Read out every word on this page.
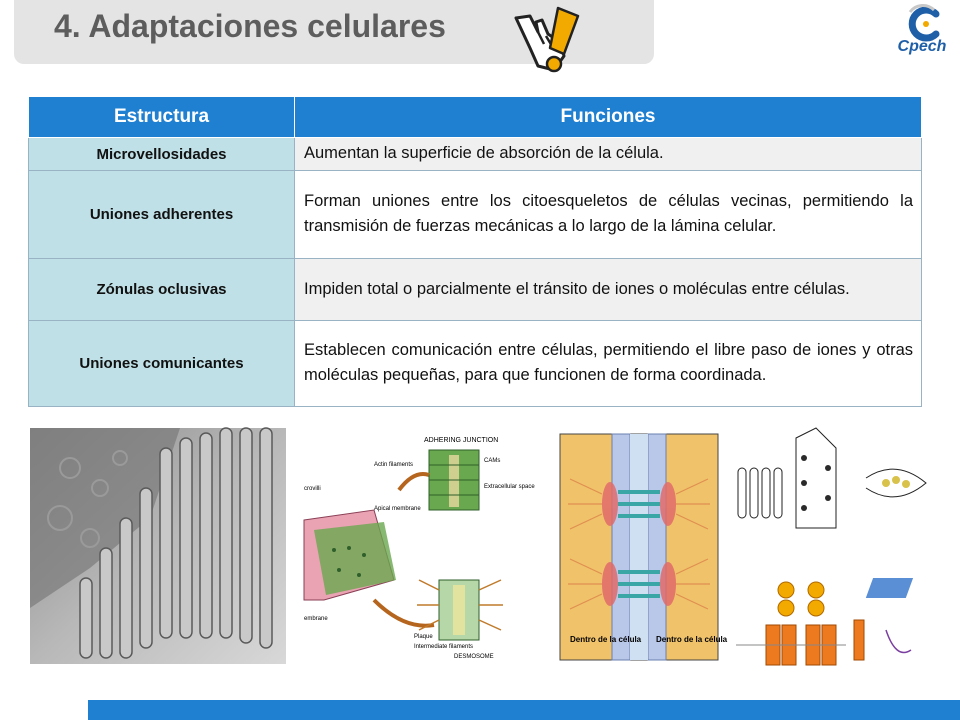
4. Adaptaciones celulares
Cpech
Estructura	Funciones
Microvellosidades	Aumentan la superficie de absorción de la célula.
Uniones adherentes	Forman uniones entre los citoesqueletos de células vecinas, permitiendo la transmisión de fuerzas mecánicas a lo largo de la lámina celular.
Zónulas oclusivas	Impiden total o parcialmente el tránsito de iones o moléculas entre células.
Uniones comunicantes	Establecen comunicación entre células, permitiendo el libre paso de iones y otras moléculas pequeñas, para que funcionen de forma coordinada.
ADHERING JUNCTION
Actin filaments
CAMs
Extracellular space
crovilli
Apical membrane
Plaque
Intermediate filaments
DESMOSOME
embrane
Dentro de la célula Dentro de la célula
